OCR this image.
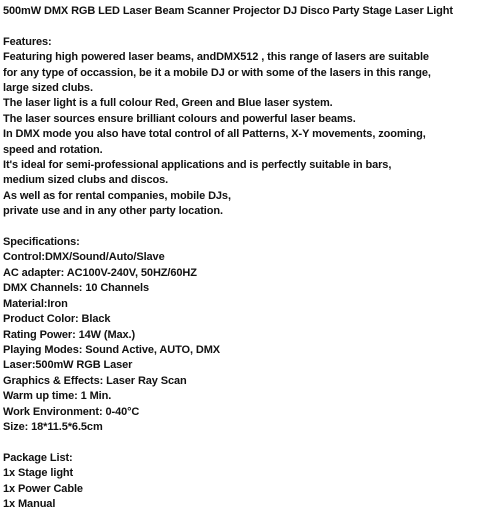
500mW DMX RGB LED Laser Beam Scanner Projector DJ Disco Party Stage Laser Light
Features:
Featuring high powered laser beams, andDMX512 , this range of lasers are suitable
for any type of occassion, be it a mobile DJ or with some of the lasers in this range,
large sized clubs.
The laser light is a full colour Red, Green and Blue laser system.
The laser sources ensure brilliant colours and powerful laser beams.
In DMX mode you also have total control of all Patterns, X-Y movements, zooming,
speed and rotation.
It's ideal for semi-professional applications and is perfectly suitable in bars,
medium sized clubs and discos.
As well as for rental companies, mobile DJs,
private use and in any other party location.
Specifications:
Control:DMX/Sound/Auto/Slave
AC adapter: AC100V-240V, 50HZ/60HZ
DMX Channels: 10 Channels
Material:Iron
Product Color: Black
Rating Power: 14W (Max.)
Playing Modes: Sound Active, AUTO, DMX
Laser:500mW RGB Laser
Graphics & Effects: Laser Ray Scan
Warm up time: 1 Min.
Work Environment: 0-40°C
Size: 18*11.5*6.5cm
Package List:
1x Stage light
1x Power Cable
1x Manual
